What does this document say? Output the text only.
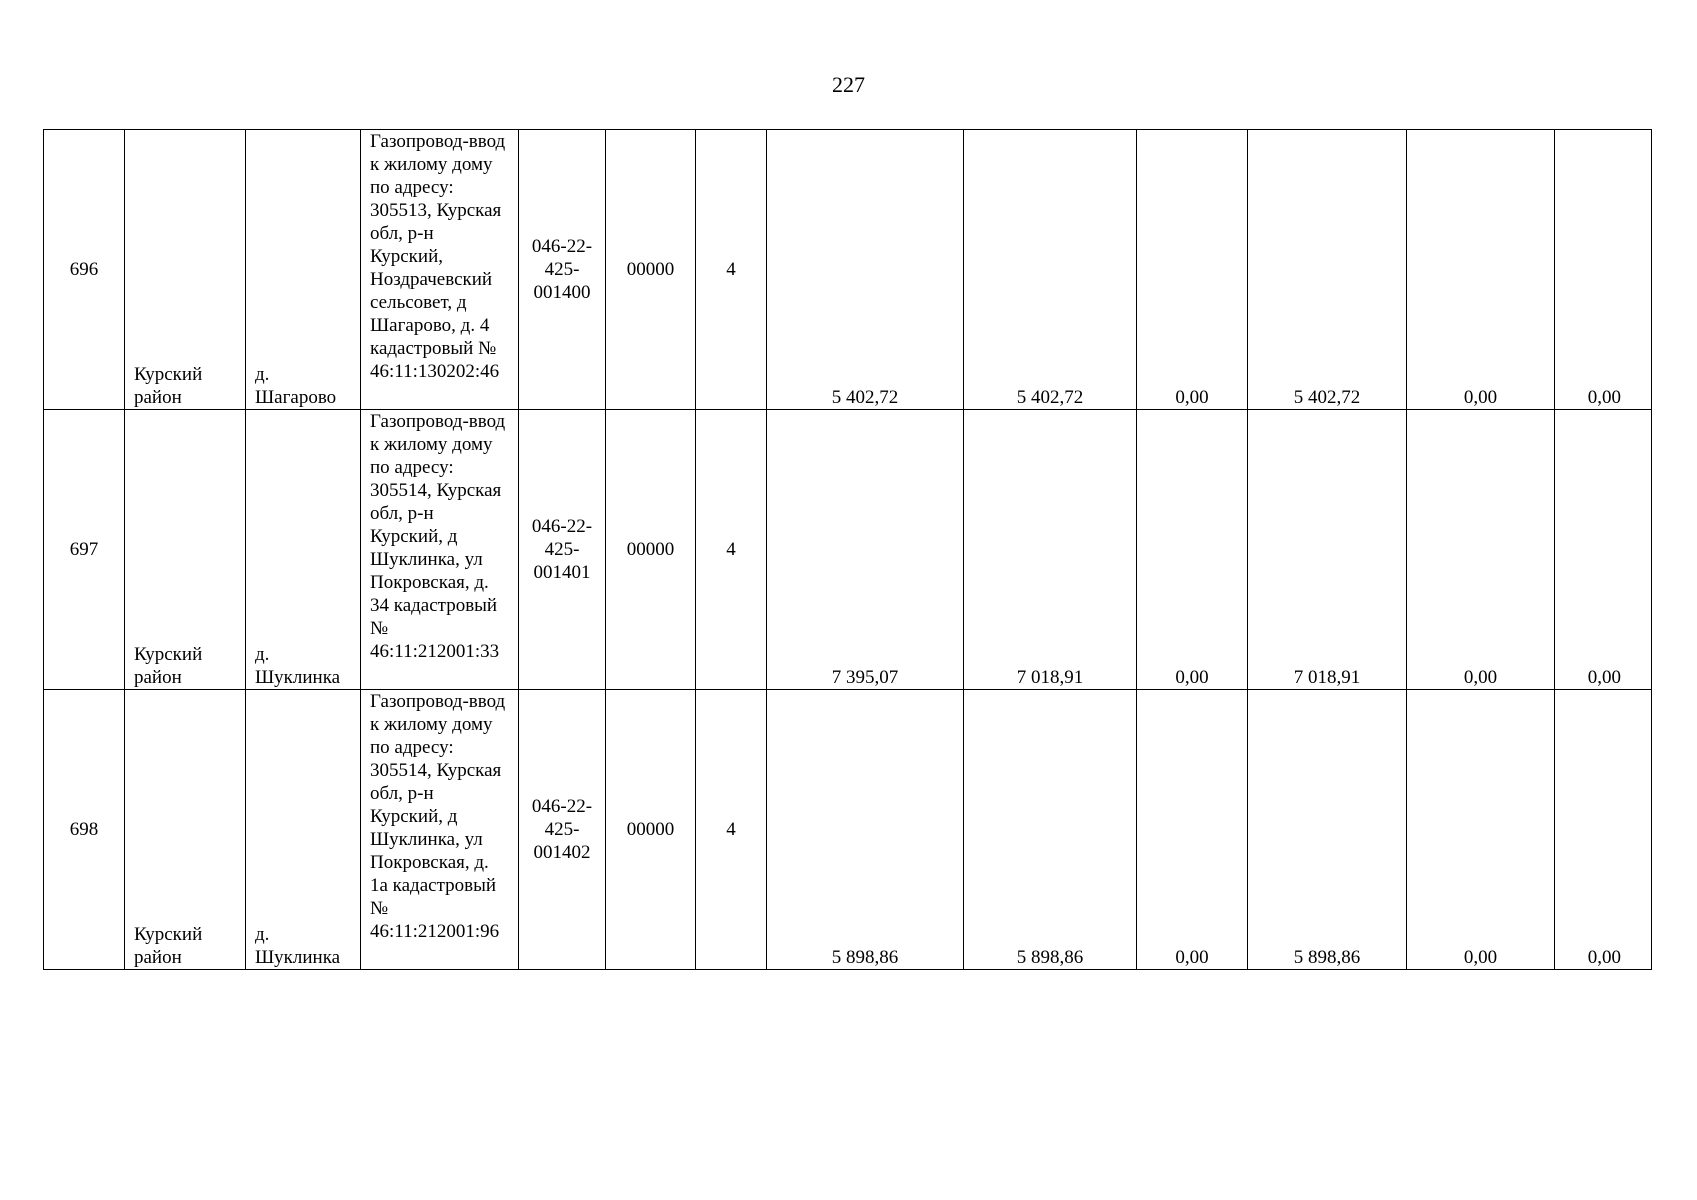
227
696	Курский район	д. Шагарово	Газопровод-ввод к жилому дому по адресу: 305513, Курская обл, р-н Курский, Ноздрачевский сельсовет, д Шагарово, д. 4 кадастровый № 46:11:130202:46	046-22-425-001400	00000	4	5 402,72	5 402,72	0,00	5 402,72	0,00	0,00
697	Курский район	д. Шуклинка	Газопровод-ввод к жилому дому по адресу: 305514, Курская обл, р-н Курский, д Шуклинка, ул Покровская, д. 34 кадастровый № 46:11:212001:33	046-22-425-001401	00000	4	7 395,07	7 018,91	0,00	7 018,91	0,00	0,00
698	Курский район	д. Шуклинка	Газопровод-ввод к жилому дому по адресу: 305514, Курская обл, р-н Курский, д Шуклинка, ул Покровская, д. 1а кадастровый № 46:11:212001:96	046-22-425-001402	00000	4	5 898,86	5 898,86	0,00	5 898,86	0,00	0,00
